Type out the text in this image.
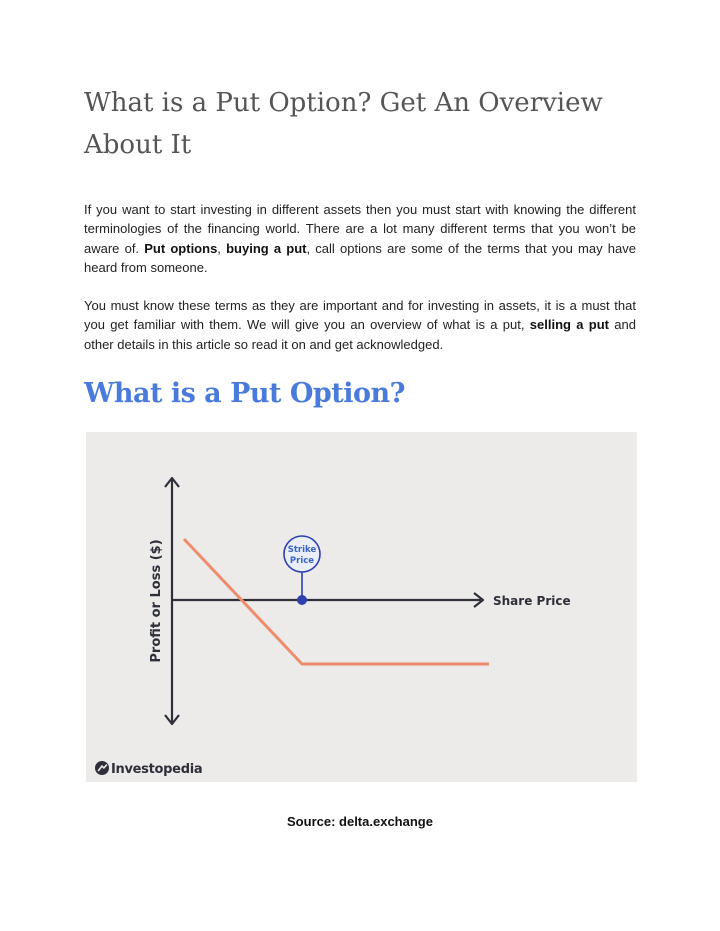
What is a Put Option? Get An Overview About It

If you want to start investing in different assets then you must start with knowing the different terminologies of the financing world. There are a lot many different terms that you won’t be aware of. Put options, buying a put, call options are some of the terms that you may have heard from someone.

You must know these terms as they are important and for investing in assets, it is a must that you get familiar with them. We will give you an overview of what is a put, selling a put and other details in this article so read it on and get acknowledged.

What is a Put Option?
Profit or Loss ($)	Share Price
Strike
Price
Investopedia

Source: delta.exchange
